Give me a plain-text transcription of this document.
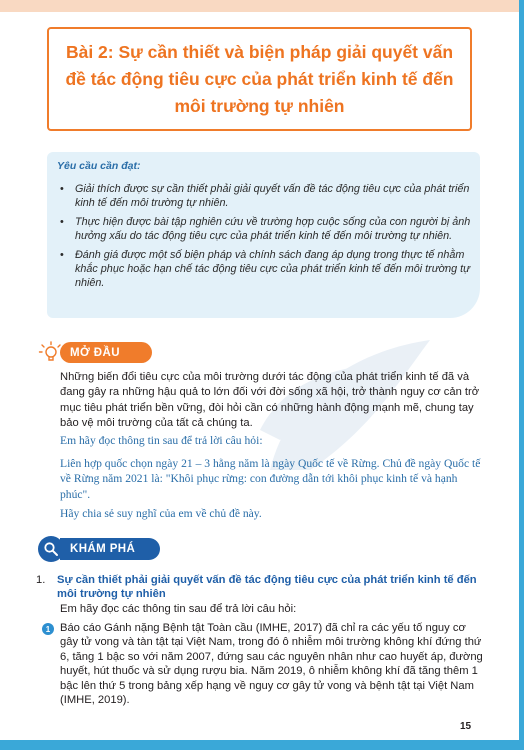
Bài 2: Sự cần thiết và biện pháp giải quyết vấn đề tác động tiêu cực của phát triển kinh tế đến môi trường tự nhiên
Yêu cầu cần đạt:
• Giải thích được sự cần thiết phải giải quyết vấn đề tác động tiêu cực của phát triển kinh tế đến môi trường tự nhiên.
• Thực hiện được bài tập nghiên cứu về trường hợp cuộc sống của con người bị ảnh hưởng xấu do tác động tiêu cực của phát triển kinh tế đến môi trường tự nhiên.
• Đánh giá được một số biện pháp và chính sách đang áp dụng trong thực tế nhằm khắc phục hoặc hạn chế tác động tiêu cực của phát triển kinh tế đến môi trường tự nhiên.
MỞ ĐẦU

Những biến đổi tiêu cực của môi trường dưới tác động của phát triển kinh tế đã và đang gây ra những hậu quả to lớn đối với đời sống xã hội, trở thành nguy cơ cản trở mục tiêu phát triển bền vững, đòi hỏi cần có những hành động mạnh mẽ, chung tay bảo vệ môi trường của tất cả chúng ta.

Em hãy đọc thông tin sau để trả lời câu hỏi:

Liên hợp quốc chọn ngày 21 – 3 hằng năm là ngày Quốc tế về Rừng. Chủ đề ngày Quốc tế về Rừng năm 2021 là: "Khôi phục rừng: con đường dẫn tới khôi phục kinh tế và hạnh phúc".

Hãy chia sẻ suy nghĩ của em về chủ đề này.

KHÁM PHÁ
1.	Sự cần thiết phải giải quyết vấn đề tác động tiêu cực của phát triển kinh tế đến môi trường tự nhiên

Em hãy đọc các thông tin sau để trả lời câu hỏi:

1 Báo cáo Gánh nặng Bệnh tật Toàn cầu (IMHE, 2017) đã chỉ ra các yếu tố nguy cơ gây tử vong và tàn tật tại Việt Nam, trong đó ô nhiễm môi trường không khí đứng thứ 6, tăng 1 bậc so với năm 2007, đứng sau các nguyên nhân như cao huyết áp, đường huyết, hút thuốc và sử dụng rượu bia. Năm 2019, ô nhiễm không khí đã tăng thêm 1 bậc lên thứ 5 trong bảng xếp hạng về nguy cơ gây tử vong và bệnh tật tại Việt Nam (IMHE, 2019).

15
